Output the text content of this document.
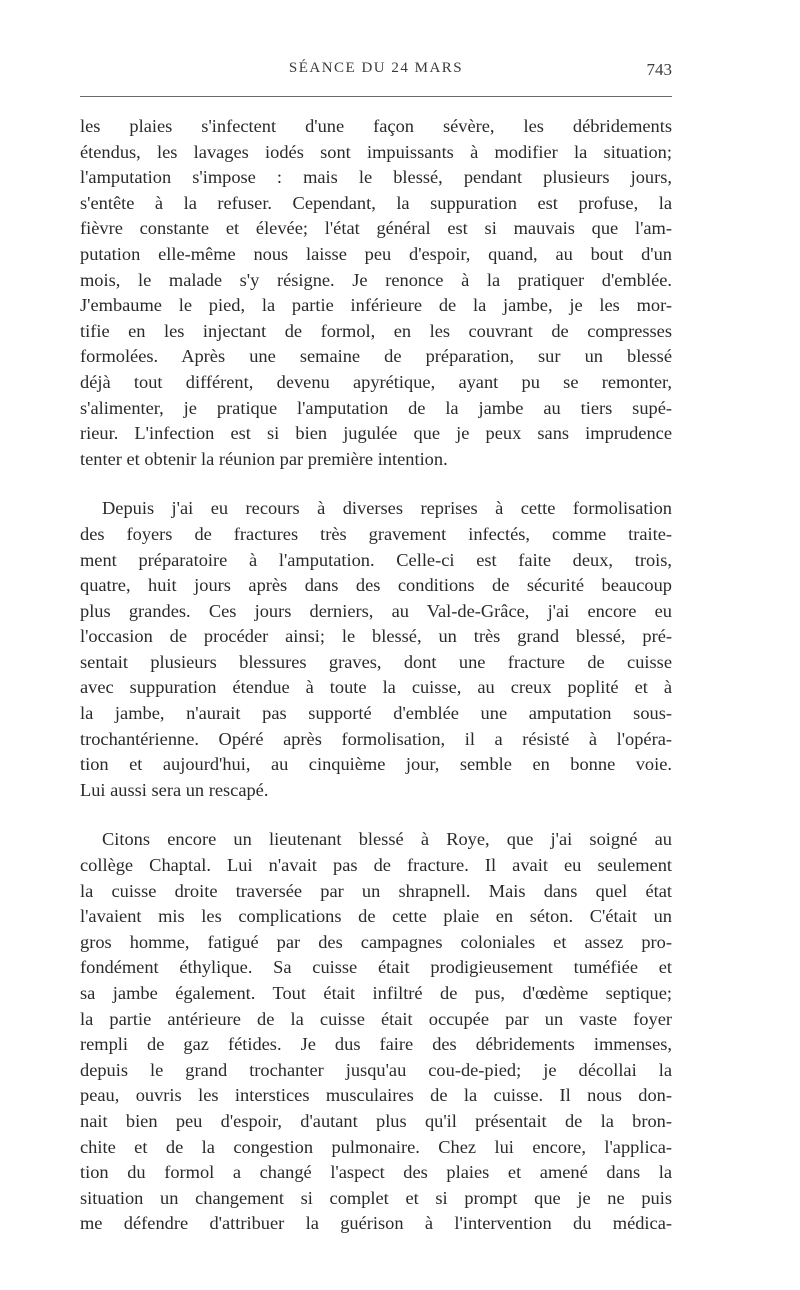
SÉANCE DU 24 MARS	743

les plaies s'infectent d'une façon sévère, les débridements
étendus, les lavages iodés sont impuissants à modifier la situation;
l'amputation s'impose : mais le blessé, pendant plusieurs jours,
s'entête à la refuser. Cependant, la suppuration est profuse, la
fièvre constante et élevée; l'état général est si mauvais que l'am-
putation elle-même nous laisse peu d'espoir, quand, au bout d'un
mois, le malade s'y résigne. Je renonce à la pratiquer d'emblée.
J'embaume le pied, la partie inférieure de la jambe, je les mor-
tifie en les injectant de formol, en les couvrant de compresses
formolées. Après une semaine de préparation, sur un blessé
déjà tout différent, devenu apyrétique, ayant pu se remonter,
s'alimenter, je pratique l'amputation de la jambe au tiers supé-
rieur. L'infection est si bien jugulée que je peux sans imprudence
tenter et obtenir la réunion par première intention.

Depuis j'ai eu recours à diverses reprises à cette formolisation
des foyers de fractures très gravement infectés, comme traite-
ment préparatoire à l'amputation. Celle-ci est faite deux, trois,
quatre, huit jours après dans des conditions de sécurité beaucoup
plus grandes. Ces jours derniers, au Val-de-Grâce, j'ai encore eu
l'occasion de procéder ainsi; le blessé, un très grand blessé, pré-
sentait plusieurs blessures graves, dont une fracture de cuisse
avec suppuration étendue à toute la cuisse, au creux poplité et à
la jambe, n'aurait pas supporté d'emblée une amputation sous-
trochantérienne. Opéré après formolisation, il a résisté à l'opéra-
tion et aujourd'hui, au cinquième jour, semble en bonne voie.
Lui aussi sera un rescapé.

Citons encore un lieutenant blessé à Roye, que j'ai soigné au
collège Chaptal. Lui n'avait pas de fracture. Il avait eu seulement
la cuisse droite traversée par un shrapnell. Mais dans quel état
l'avaient mis les complications de cette plaie en séton. C'était un
gros homme, fatigué par des campagnes coloniales et assez pro-
fondément éthylique. Sa cuisse était prodigieusement tuméfiée et
sa jambe également. Tout était infiltré de pus, d'œdème septique;
la partie antérieure de la cuisse était occupée par un vaste foyer
rempli de gaz fétides. Je dus faire des débridements immenses,
depuis le grand trochanter jusqu'au cou-de-pied; je décollai la
peau, ouvris les interstices musculaires de la cuisse. Il nous don-
nait bien peu d'espoir, d'autant plus qu'il présentait de la bron-
chite et de la congestion pulmonaire. Chez lui encore, l'applica-
tion du formol a changé l'aspect des plaies et amené dans la
situation un changement si complet et si prompt que je ne puis
me défendre d'attribuer la guérison à l'intervention du médica-
